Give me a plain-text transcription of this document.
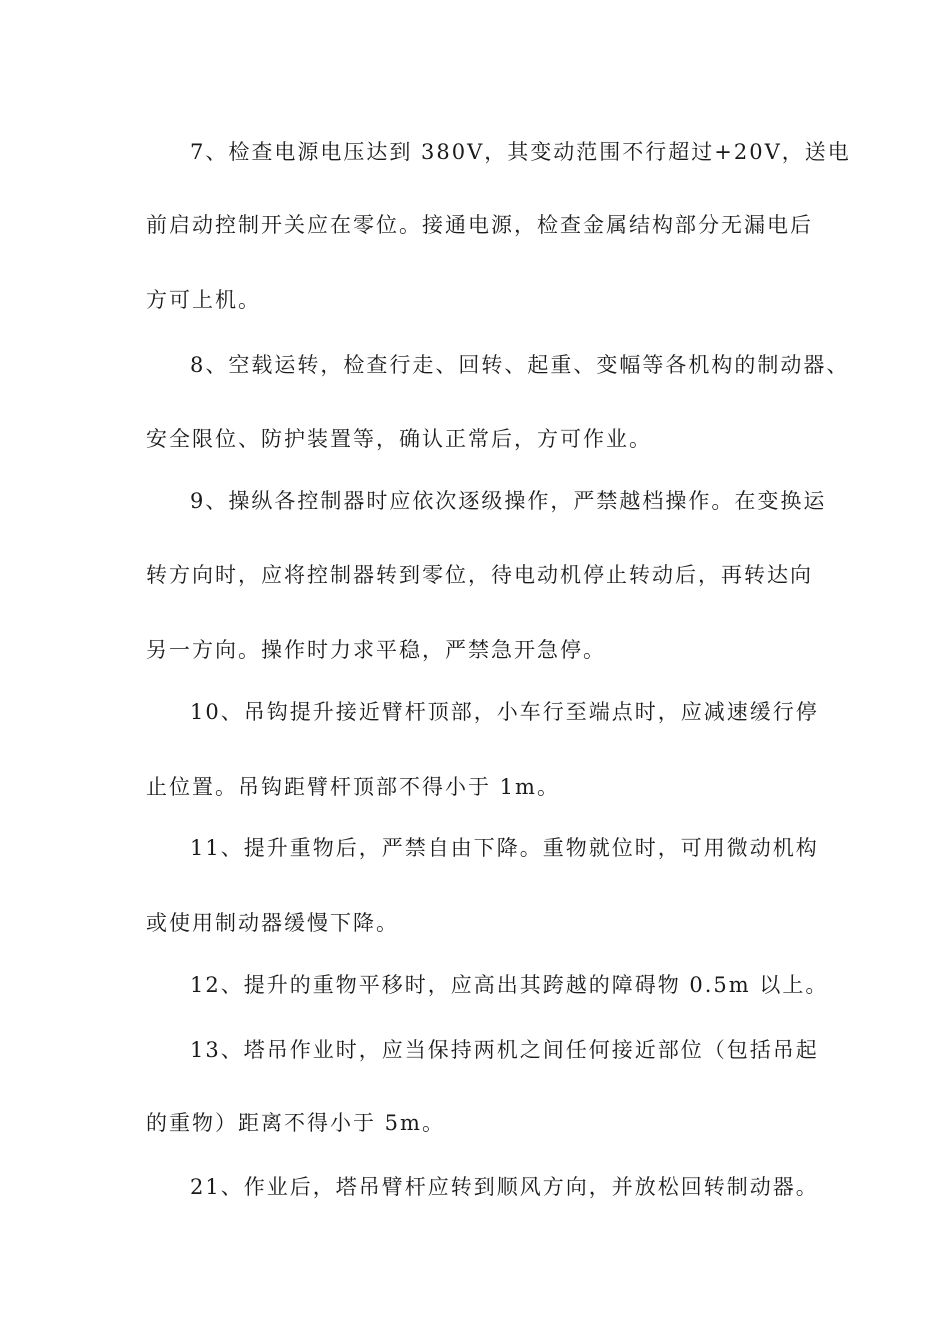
7、检查电源电压达到 380V，其变动范围不行超过+20V，送电
前启动控制开关应在零位。接通电源，检查金属结构部分无漏电后
方可上机。
8、空载运转，检查行走、回转、起重、变幅等各机构的制动器、
安全限位、防护装置等，确认正常后，方可作业。
9、操纵各控制器时应依次逐级操作，严禁越档操作。在变换运
转方向时，应将控制器转到零位，待电动机停止转动后，再转达向
另一方向。操作时力求平稳，严禁急开急停。
10、吊钩提升接近臂杆顶部，小车行至端点时，应减速缓行停
止位置。吊钩距臂杆顶部不得小于 1m。
11、提升重物后，严禁自由下降。重物就位时，可用微动机构
或使用制动器缓慢下降。
12、提升的重物平移时，应高出其跨越的障碍物 0.5m 以上。
13、塔吊作业时，应当保持两机之间任何接近部位（包括吊起
的重物）距离不得小于 5m。
21、作业后，塔吊臂杆应转到顺风方向，并放松回转制动器。
